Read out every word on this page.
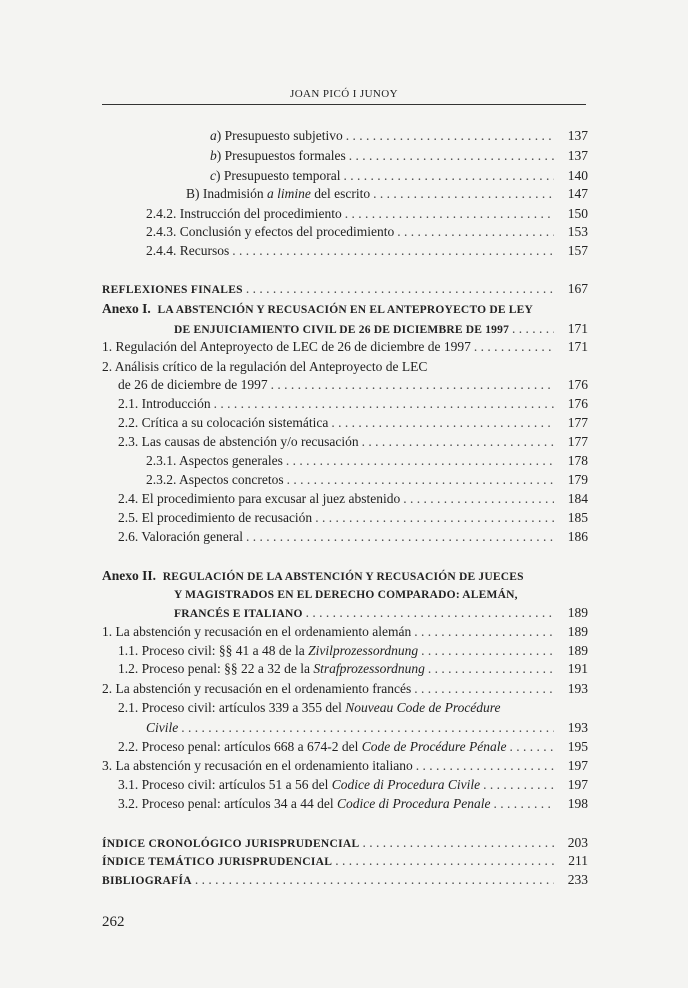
JOAN PICÓ I JUNOY
a) Presupuesto subjetivo . . .	137
b) Presupuestos formales . . .	137
c) Presupuesto temporal . . .	140
B) Inadmisión a limine del escrito . . .	147
2.4.2. Instrucción del procedimiento . . .	150
2.4.3. Conclusión y efectos del procedimiento . . .	153
2.4.4. Recursos . . .	157
REFLEXIONES FINALES . . .	167
Anexo I. LA ABSTENCIÓN Y RECUSACIÓN EN EL ANTEPROYECTO DE LEY
DE ENJUICIAMIENTO CIVIL DE 26 DE DICIEMBRE DE 1997 . . .	171
1. Regulación del Anteproyecto de LEC de 26 de diciembre de 1997 . . .	171
2. Análisis crítico de la regulación del Anteproyecto de LEC
de 26 de diciembre de 1997 . . .	176
2.1. Introducción . . .	176
2.2. Crítica a su colocación sistemática . . .	177
2.3. Las causas de abstención y/o recusación . . .	177
2.3.1. Aspectos generales . . .	178
2.3.2. Aspectos concretos . . .	179
2.4. El procedimiento para excusar al juez abstenido . . .	184
2.5. El procedimiento de recusación . . .	185
2.6. Valoración general . . .	186
Anexo II. REGULACIÓN DE LA ABSTENCIÓN Y RECUSACIÓN DE JUECES
Y MAGISTRADOS EN EL DERECHO COMPARADO: ALEMÁN,
FRANCÉS E ITALIANO . . .	189
1. La abstención y recusación en el ordenamiento alemán . . .	189
1.1. Proceso civil: §§ 41 a 48 de la Zivilprozessordnung . . .	189
1.2. Proceso penal: §§ 22 a 32 de la Strafprozessordnung . . .	191
2. La abstención y recusación en el ordenamiento francés . . .	193
2.1. Proceso civil: artículos 339 a 355 del Nouveau Code de Procédure
Civile . . .	193
2.2. Proceso penal: artículos 668 a 674-2 del Code de Procédure Pénale . . .	195
3. La abstención y recusación en el ordenamiento italiano . . .	197
3.1. Proceso civil: artículos 51 a 56 del Codice di Procedura Civile . . .	197
3.2. Proceso penal: artículos 34 a 44 del Codice di Procedura Penale . . .	198
ÍNDICE CRONOLÓGICO JURISPRUDENCIAL . . .	203
ÍNDICE TEMÁTICO JURISPRUDENCIAL . . .	211
BIBLIOGRAFÍA . . .	233
262
